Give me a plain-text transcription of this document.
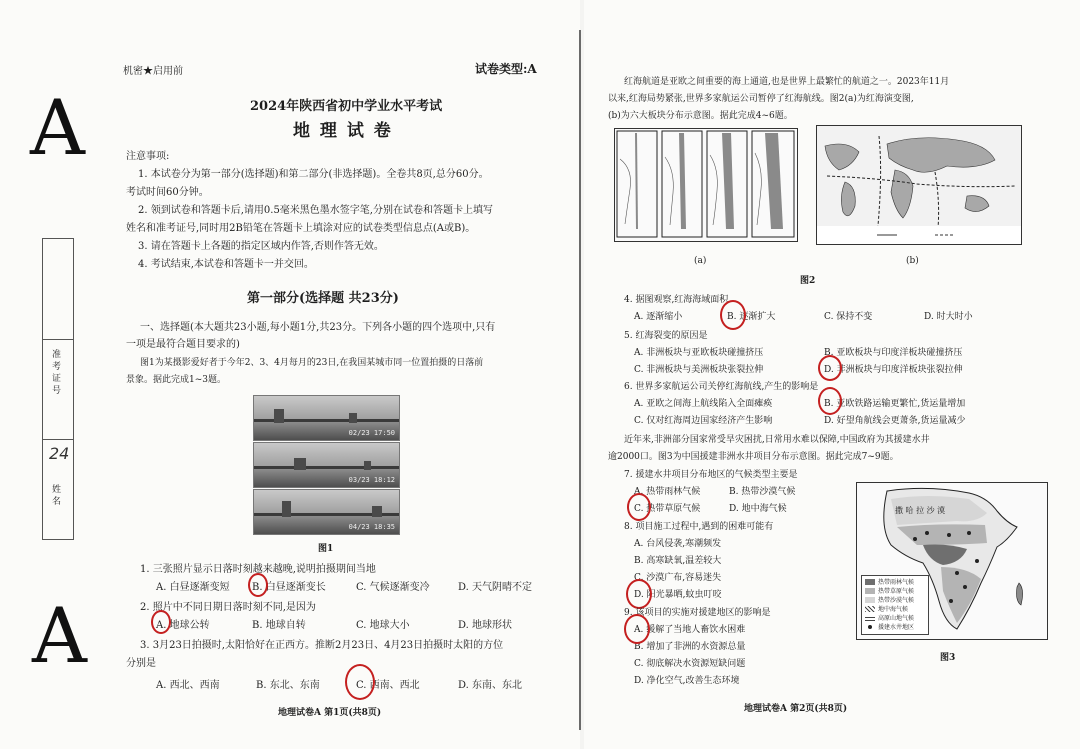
机密★启用前	试卷类型:A
A
A
2024年陕西省初中学业水平考试
地 理 试 卷
注意事项:
1. 本试卷分为第一部分(选择题)和第二部分(非选择题)。全卷共8页,总分60分。
考试时间60分钟。
2. 领到试卷和答题卡后,请用0.5毫米黑色墨水签字笔,分别在试卷和答题卡上填写
姓名和准考证号,同时用2B铅笔在答题卡上填涂对应的试卷类型信息点(A或B)。
3. 请在答题卡上各题的指定区域内作答,否则作答无效。
4. 考试结束,本试卷和答题卡一并交回。
第一部分(选择题 共23分)
一、选择题(本大题共23小题,每小题1分,共23分。下列各小题的四个选项中,只有
一项是最符合题目要求的)
图1为某摄影爱好者于今年2、3、4月每月的23日,在我国某城市同一位置拍摄的日落前
景象。据此完成1~3题。
准考证号
24
姓名
02/23 17:50
03/23 18:12
04/23 18:35
图1
1. 三张照片显示日落时刻越来越晚,说明拍摄期间当地
A. 白昼逐渐变短 B. 白昼逐渐变长	C. 气候逐渐变冷	D. 天气阴晴不定
2. 照片中不同日期日落时刻不同,是因为
A. 地球公转	B. 地球自转	C. 地球大小	D. 地球形状
3. 3月23日拍摄时,太阳恰好在正西方。推断2月23日、4月23日拍摄时太阳的方位
分别是
A. 西北、西南	B. 东北、东南	C. 西南、西北	D. 东南、东北
地理试卷A 第1页(共8页)
红海航道是亚欧之间重要的海上通道,也是世界上最繁忙的航道之一。2023年11月
以来,红海局势紧张,世界多家航运公司暂停了红海航线。图2(a)为红海演变图,
(b)为六大板块分布示意图。据此完成4~6题。
(a)	(b)
图2
4. 据图观察,红海海域面积
A. 逐渐缩小	B. 逐渐扩大	C. 保持不变	D. 时大时小
5. 红海裂变的原因是
A. 非洲板块与亚欧板块碰撞挤压	B. 亚欧板块与印度洋板块碰撞挤压
C. 非洲板块与美洲板块张裂拉伸	D. 非洲板块与印度洋板块张裂拉伸
6. 世界多家航运公司关停红海航线,产生的影响是
A. 亚欧之间海上航线陷入全面瘫痪	B. 亚欧铁路运输更繁忙,货运量增加
C. 仅对红海周边国家经济产生影响	D. 好望角航线会更萧条,货运量减少
近年来,非洲部分国家常受旱灾困扰,日常用水难以保障,中国政府为其援建水井
逾2000口。图3为中国援建非洲水井项目分布示意图。据此完成7~9题。
7. 援建水井项目分布地区的气候类型主要是
A. 热带雨林气候	B. 热带沙漠气候
C. 热带草原气候	D. 地中海气候
8. 项目施工过程中,遇到的困难可能有
A. 台风侵袭,寒潮频发
B. 高寒缺氧,温差较大
C. 沙漠广布,容易迷失
D. 阳光暴晒,蚊虫叮咬
9. 该项目的实施对援建地区的影响是
A. 缓解了当地人畜饮水困难
B. 增加了非洲的水资源总量
C. 彻底解决水资源短缺问题
D. 净化空气,改善生态环境
撒 哈 拉 沙 漠
热带雨林气候
热带草原气候
热带沙漠气候
地中海气候
高原山地气候
援建水井地区
图3
地理试卷A 第2页(共8页)
